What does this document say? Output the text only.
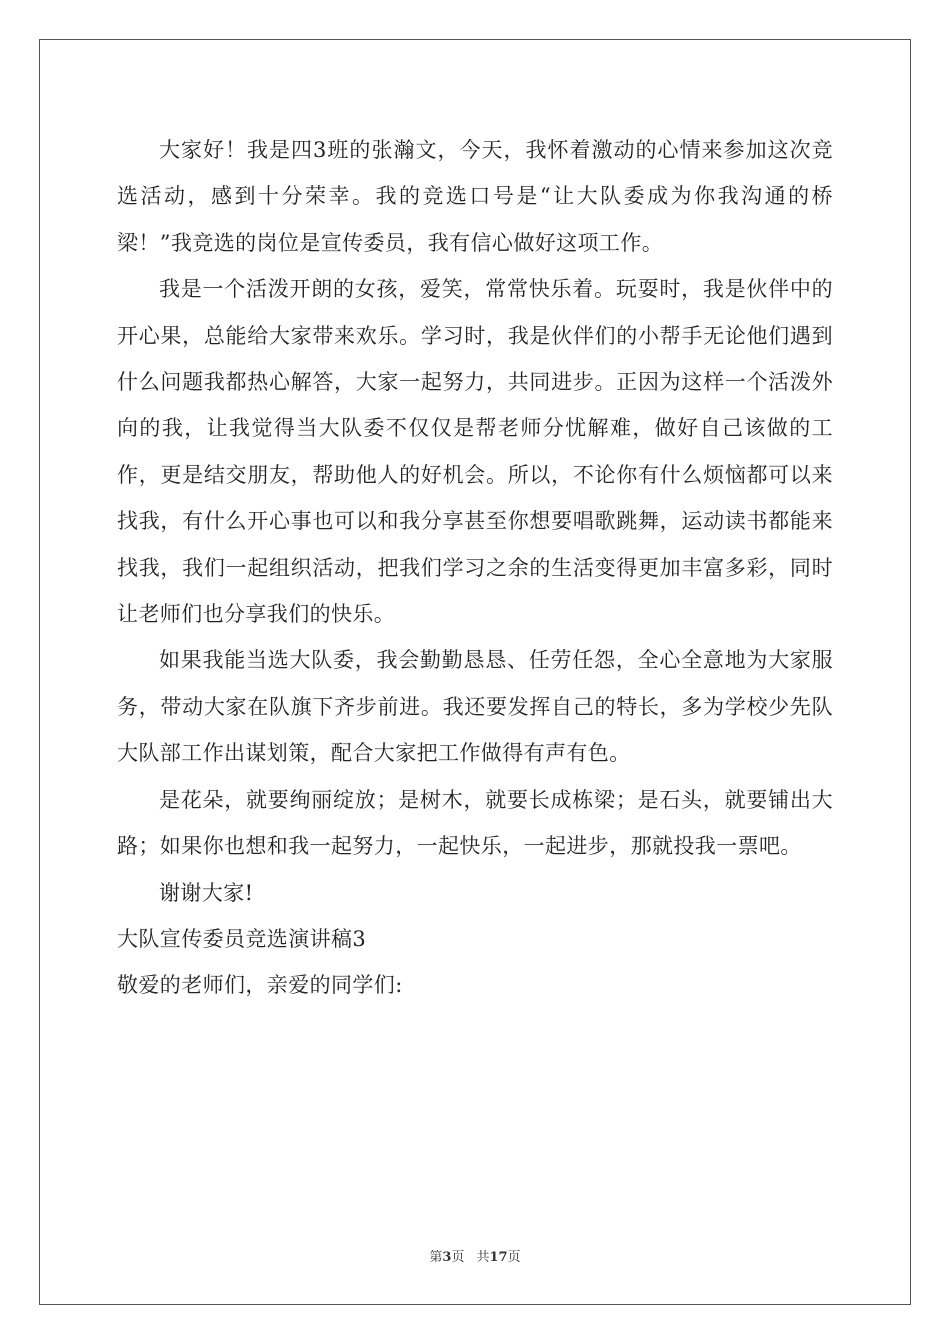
大家好！我是四3班的张瀚文，今天，我怀着激动的心情来参加这次竞选活动，感到十分荣幸。我的竞选口号是“让大队委成为你我沟通的桥梁！”我竞选的岗位是宣传委员，我有信心做好这项工作。

我是一个活泼开朗的女孩，爱笑，常常快乐着。玩耍时，我是伙伴中的开心果，总能给大家带来欢乐。学习时，我是伙伴们的小帮手无论他们遇到什么问题我都热心解答，大家一起努力，共同进步。正因为这样一个活泼外向的我，让我觉得当大队委不仅仅是帮老师分忧解难，做好自己该做的工作，更是结交朋友，帮助他人的好机会。所以，不论你有什么烦恼都可以来找我，有什么开心事也可以和我分享甚至你想要唱歌跳舞，运动读书都能来找我，我们一起组织活动，把我们学习之余的生活变得更加丰富多彩，同时让老师们也分享我们的快乐。

如果我能当选大队委，我会勤勤恳恳、任劳任怨，全心全意地为大家服务，带动大家在队旗下齐步前进。我还要发挥自己的特长，多为学校少先队大队部工作出谋划策，配合大家把工作做得有声有色。

是花朵，就要绚丽绽放；是树木，就要长成栋梁；是石头，就要铺出大路；如果你也想和我一起努力，一起快乐，一起进步，那就投我一票吧。

谢谢大家!

大队宣传委员竞选演讲稿3

敬爱的老师们，亲爱的同学们:

第3页 共17页
